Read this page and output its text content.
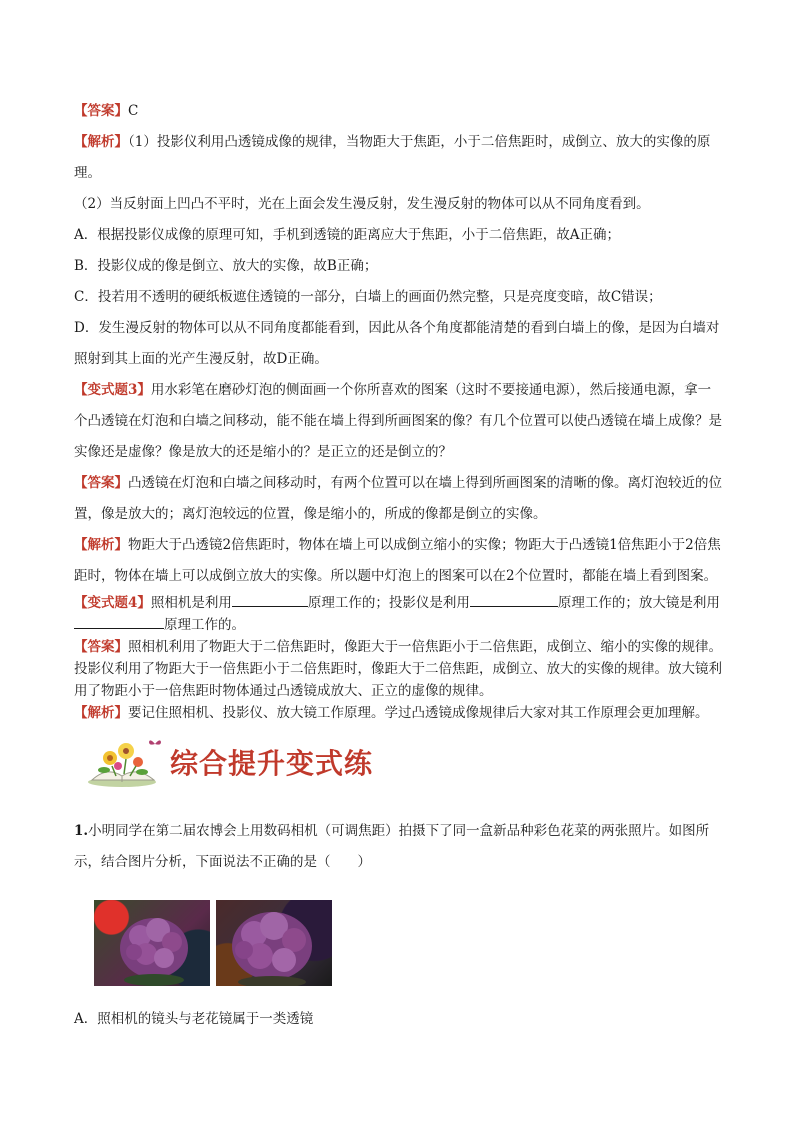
【答案】C

【解析】（1）投影仪利用凸透镜成像的规律，当物距大于焦距，小于二倍焦距时，成倒立、放大的实像的原理。

（2）当反射面上凹凸不平时，光在上面会发生漫反射，发生漫反射的物体可以从不同角度看到。

A．根据投影仪成像的原理可知，手机到透镜的距离应大于焦距，小于二倍焦距，故A正确；

B．投影仪成的像是倒立、放大的实像，故B正确；

C．投若用不透明的硬纸板遮住透镜的一部分，白墙上的画面仍然完整，只是亮度变暗，故C错误；

D．发生漫反射的物体可以从不同角度都能看到，因此从各个角度都能清楚的看到白墙上的像，是因为白墙对照射到其上面的光产生漫反射，故D正确。

【变式题3】用水彩笔在磨砂灯泡的侧面画一个你所喜欢的图案（这时不要接通电源），然后接通电源，拿一个凸透镜在灯泡和白墙之间移动，能不能在墙上得到所画图案的像？有几个位置可以使凸透镜在墙上成像？是实像还是虚像？像是放大的还是缩小的？是正立的还是倒立的？

【答案】凸透镜在灯泡和白墙之间移动时，有两个位置可以在墙上得到所画图案的清晰的像。离灯泡较近的位置，像是放大的；离灯泡较远的位置，像是缩小的，所成的像都是倒立的实像。

【解析】物距大于凸透镜2倍焦距时，物体在墙上可以成倒立缩小的实像；物距大于凸透镜1倍焦距小于2倍焦距时，物体在墙上可以成倒立放大的实像。所以题中灯泡上的图案可以在2个位置时，都能在墙上看到图案。

【变式题4】照相机是利用	原理工作的；投影仪是利用	原理工作的；放大镜是利用原理工作的。

【答案】照相机利用了物距大于二倍焦距时，像距大于一倍焦距小于二倍焦距，成倒立、缩小的实像的规律。投影仪利用了物距大于一倍焦距小于二倍焦距时，像距大于二倍焦距，成倒立、放大的实像的规律。放大镜利用了物距小于一倍焦距时物体通过凸透镜成放大、正立的虚像的规律。

【解析】要记住照相机、投影仪、放大镜工作原理。学过凸透镜成像规律后大家对其工作原理会更加理解。

综合提升变式练

1.小明同学在第二届农博会上用数码相机（可调焦距）拍摄下了同一盒新品种彩色花菜的两张照片。如图所示，结合图片分析，下面说法不正确的是（　　）

A．照相机的镜头与老花镜属于一类透镜
